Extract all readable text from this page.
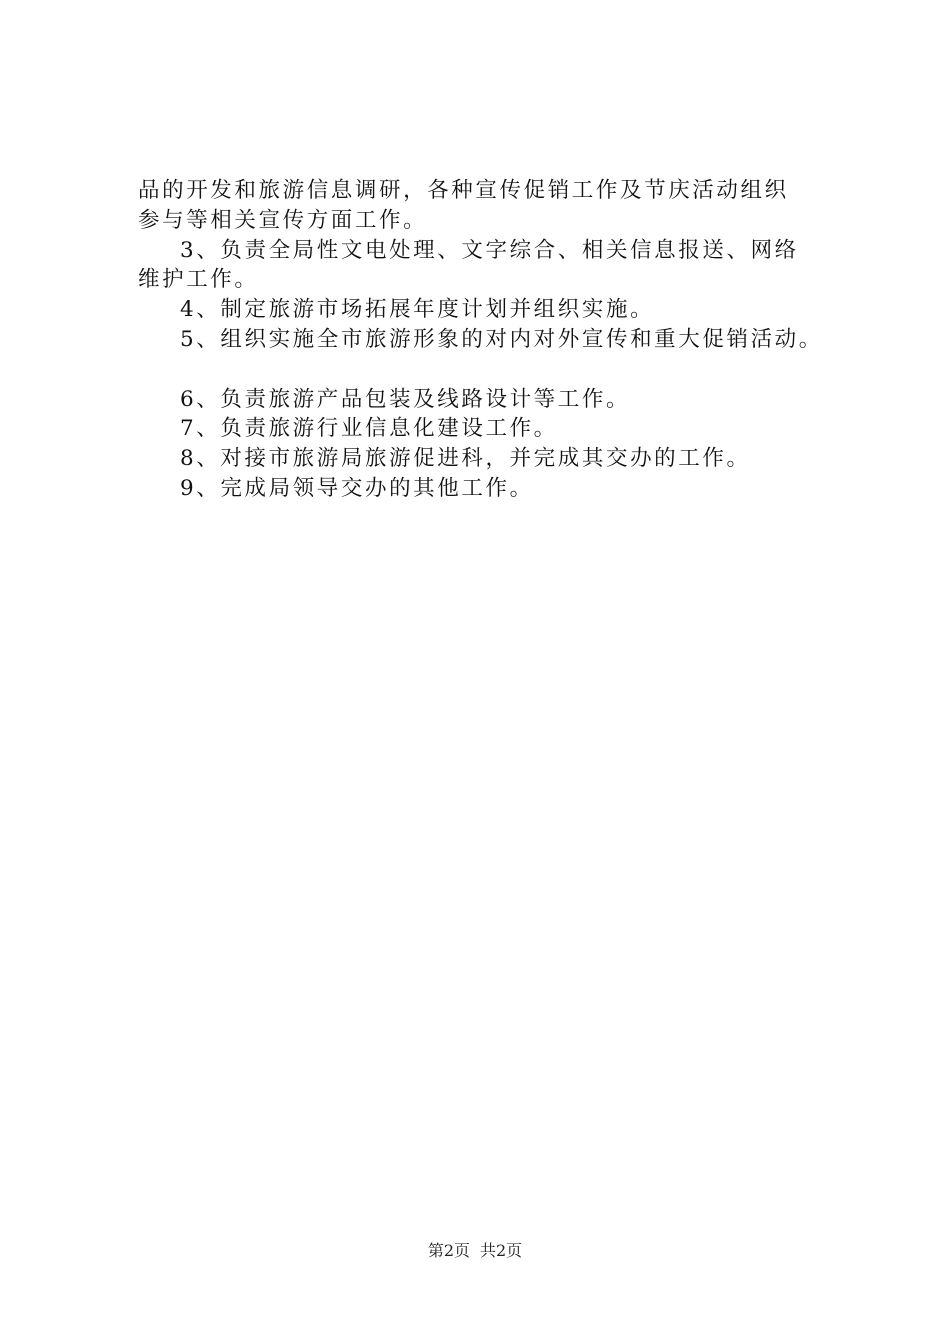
品的开发和旅游信息调研，各种宣传促销工作及节庆活动组织
参与等相关宣传方面工作。
3、负责全局性文电处理、文字综合、相关信息报送、网络
维护工作。
4、制定旅游市场拓展年度计划并组织实施。
5、组织实施全市旅游形象的对内对外宣传和重大促销活动。
6、负责旅游产品包装及线路设计等工作。
7、负责旅游行业信息化建设工作。
8、对接市旅游局旅游促进科，并完成其交办的工作。
9、完成局领导交办的其他工作。
第2页 共2页
